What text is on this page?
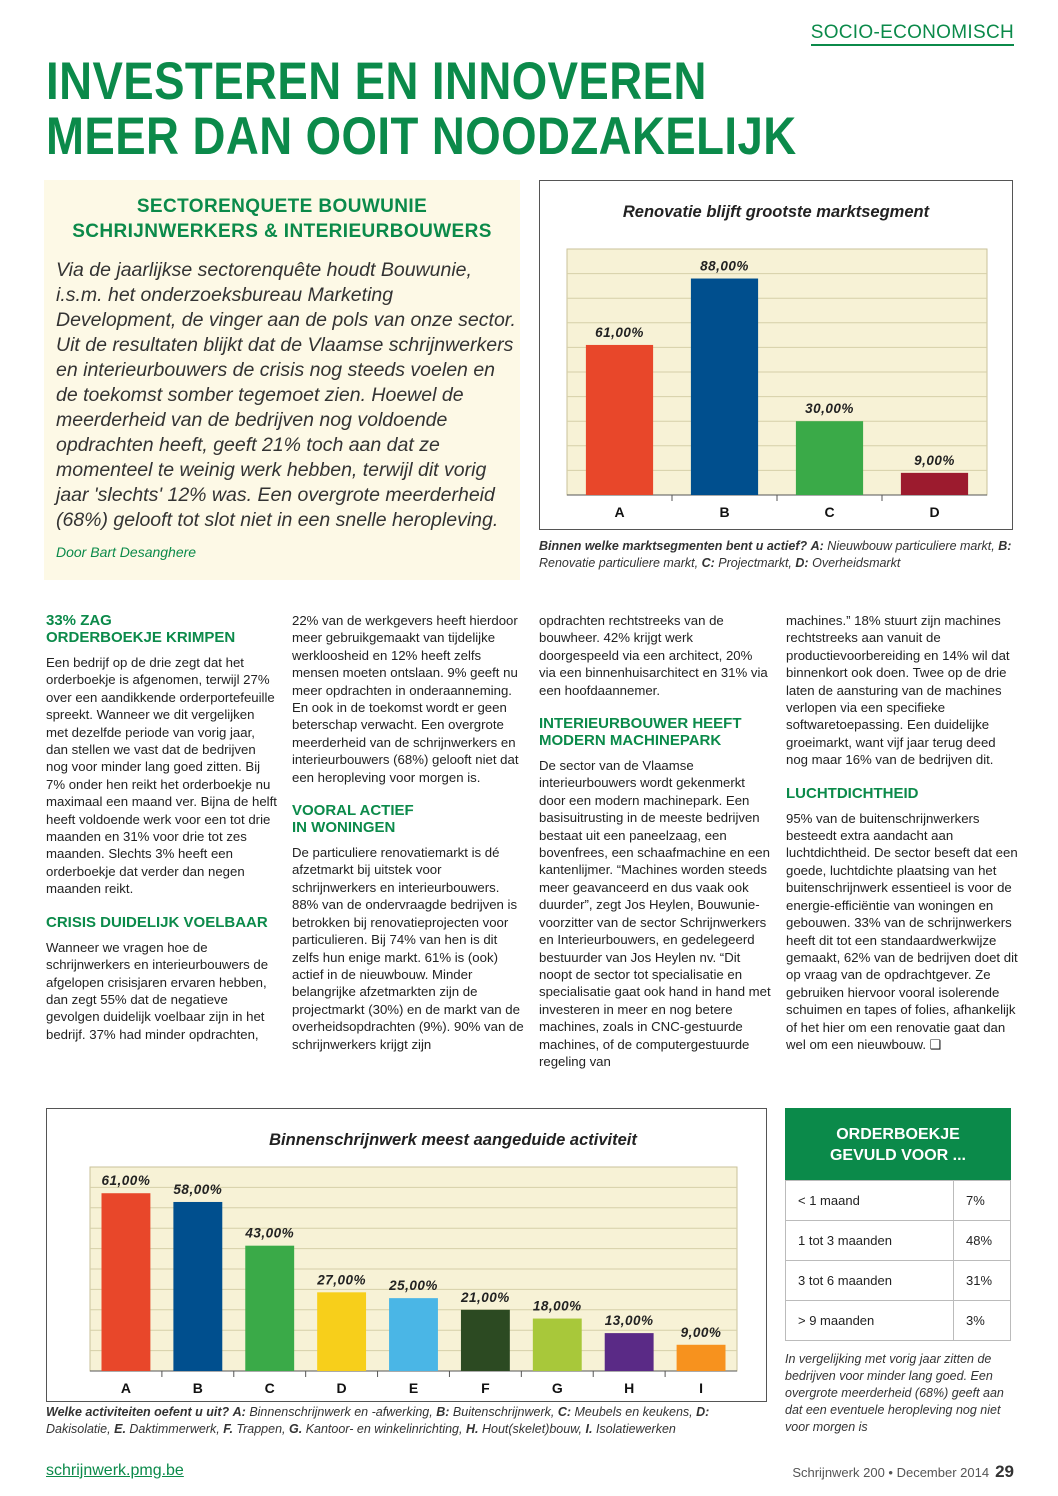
SOCIO-ECONOMISCH
INVESTEREN EN INNOVEREN
MEER DAN OOIT NOODZAKELIJK
SECTORENQUETE BOUWUNIE
SCHRIJNWERKERS & INTERIEURBOUWERS
Via de jaarlijkse sectorenquête houdt Bouwunie, i.s.m. het onderzoeksbureau Marketing Development, de vinger aan de pols van onze sector. Uit de resultaten blijkt dat de Vlaamse schrijnwerkers en interieurbouwers de crisis nog steeds voelen en de toekomst somber tegemoet zien. Hoewel de meerderheid van de bedrijven nog voldoende opdrachten heeft, geeft 21% toch aan dat ze momenteel te weinig werk hebben, terwijl dit vorig jaar 'slechts' 12% was. Een overgrote meerderheid (68%) gelooft tot slot niet in een snelle heropleving.
Door Bart Desanghere
Renovatie blijft grootste marktsegment
61,00%
A
88,00%
B
30,00%
C
9,00%
D
Binnen welke marktsegmenten bent u actief? A: Nieuwbouw particuliere markt, B: Renovatie particuliere markt, C: Projectmarkt, D: Overheidsmarkt
33% ZAG
ORDERBOEKJE KRIMPEN

Een bedrijf op de drie zegt dat het orderboekje is afgenomen, terwijl 27% over een aandikkende orderportefeuille spreekt. Wanneer we dit vergelijken met dezelfde periode van vorig jaar, dan stellen we vast dat de bedrijven nog voor minder lang goed zitten. Bij 7% onder hen reikt het orderboekje nu maximaal een maand ver. Bijna de helft heeft voldoende werk voor een tot drie maanden en 31% voor drie tot zes maanden. Slechts 3% heeft een orderboekje dat verder dan negen maanden reikt.

CRISIS DUIDELIJK VOELBAAR

Wanneer we vragen hoe de schrijnwerkers en interieurbouwers de afgelopen crisisjaren ervaren hebben, dan zegt 55% dat de negatieve gevolgen duidelijk voelbaar zijn in het bedrijf. 37% had minder opdrachten,

22% van de werkgevers heeft hierdoor meer gebruikgemaakt van tijdelijke werkloosheid en 12% heeft zelfs mensen moeten ontslaan. 9% geeft nu meer opdrachten in onderaanneming. En ook in de toekomst wordt er geen beterschap verwacht. Een overgrote meerderheid van de schrijnwerkers en interieurbouwers (68%) gelooft niet dat een heropleving voor morgen is.

VOORAL ACTIEF
IN WONINGEN

De particuliere renovatiemarkt is dé afzetmarkt bij uitstek voor schrijnwerkers en interieurbouwers. 88% van de ondervraagde bedrijven is betrokken bij renovatieprojecten voor particulieren. Bij 74% van hen is dit zelfs hun enige markt. 61% is (ook) actief in de nieuwbouw. Minder belangrijke afzetmarkten zijn de projectmarkt (30%) en de markt van de overheidsopdrachten (9%). 90% van de schrijnwerkers krijgt zijn

opdrachten rechtstreeks van de bouwheer. 42% krijgt werk doorgespeeld via een architect, 20% via een binnenhuisarchitect en 31% via een hoofdaannemer.

INTERIEURBOUWER HEEFT
MODERN MACHINEPARK

De sector van de Vlaamse interieurbouwers wordt gekenmerkt door een modern machinepark. Een basisuitrusting in de meeste bedrijven bestaat uit een paneelzaag, een bovenfrees, een schaafmachine en een kantenlijmer. “Machines worden steeds meer geavanceerd en dus vaak ook duurder”, zegt Jos Heylen, Bouwunie-voorzitter van de sector Schrijnwerkers en Interieurbouwers, en gedelegeerd bestuurder van Jos Heylen nv. “Dit noopt de sector tot specialisatie en specialisatie gaat ook hand in hand met investeren in meer en nog betere machines, zoals in CNC-gestuurde machines, of de computergestuurde regeling van

machines.” 18% stuurt zijn machines rechtstreeks aan vanuit de productievoorbereiding en 14% wil dat binnenkort ook doen. Twee op de drie laten de aansturing van de machines verlopen via een specifieke softwaretoepassing. Een duidelijke groeimarkt, want vijf jaar terug deed nog maar 16% van de bedrijven dit.

LUCHTDICHTHEID

95% van de buitenschrijnwerkers besteedt extra aandacht aan luchtdichtheid. De sector beseft dat een goede, luchtdichte plaatsing van het buitenschrijnwerk essentieel is voor de energie-efficiëntie van woningen en gebouwen. 33% van de schrijnwerkers heeft dit tot een standaardwerkwijze gemaakt, 62% van de bedrijven doet dit op vraag van de opdrachtgever. Ze gebruiken hiervoor vooral isolerende schuimen en tapes of folies, afhankelijk of het hier om een renovatie gaat dan wel om een nieuwbouw. ❑

Binnenschrijnwerk meest aangeduide activiteit
61,00%
A
58,00%
B
43,00%
C
27,00%
D
25,00%
E
21,00%
F
18,00%
G
13,00%
H
9,00%
I
Welke activiteiten oefent u uit? A: Binnenschrijnwerk en -afwerking, B: Buitenschrijnwerk, C: Meubels en keukens, D: Dakisolatie, E. Daktimmerwerk, F. Trappen, G. Kantoor- en winkelinrichting, H. Hout(skelet)bouw, I. Isolatiewerken
ORDERBOEKJE
GEVULD VOOR ...
< 1 maand	7%
1 tot 3 maanden	48%
3 tot 6 maanden	31%
> 9 maanden	3%
In vergelijking met vorig jaar zitten de bedrijven voor minder lang goed. Een overgrote meerderheid (68%) geeft aan dat een eventuele heropleving nog niet voor morgen is
schrijnwerk.pmg.be	Schrijnwerk 200 • December 2014 29
